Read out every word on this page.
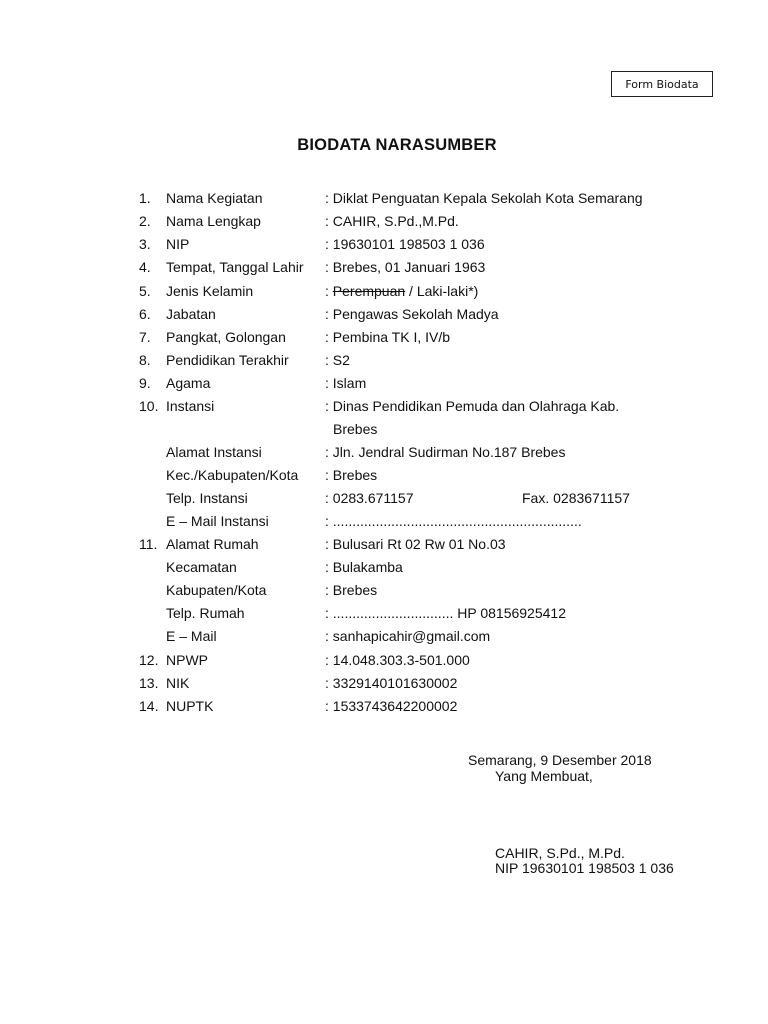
Form Biodata
BIODATA NARASUMBER
1. Nama Kegiatan	: Diklat Penguatan Kepala Sekolah Kota Semarang
2. Nama Lengkap	: CAHIR, S.Pd.,M.Pd.
3. NIP	: 19630101 198503 1 036
4. Tempat, Tanggal Lahir : Brebes, 01 Januari 1963
5. Jenis Kelamin	: Perempuan / Laki-laki*)
6. Jabatan	: Pengawas Sekolah Madya
7. Pangkat, Golongan	: Pembina TK I, IV/b
8. Pendidikan Terakhir	: S2
9. Agama	: Islam
10. Instansi	: Dinas Pendidikan Pemuda dan Olahraga Kab.
Brebes
Alamat Instansi	: Jln. Jendral Sudirman No.187 Brebes
Kec./Kabupaten/Kota : Brebes
Telp. Instansi	: 0283.671157	Fax. 0283671157
E – Mail Instansi	: ................................................................
11. Alamat Rumah	: Bulusari Rt 02 Rw 01 No.03
Kecamatan	: Bulakamba
Kabupaten/Kota	: Brebes
Telp. Rumah	: ............................... HP 08156925412
E – Mail	: sanhapicahir@gmail.com
12. NPWP	: 14.048.303.3-501.000
13. NIK	: 3329140101630002
14. NUPTK	: 1533743642200002
Semarang, 9 Desember 2018
Yang Membuat,
CAHIR, S.Pd., M.Pd.
NIP 19630101 198503 1 036
